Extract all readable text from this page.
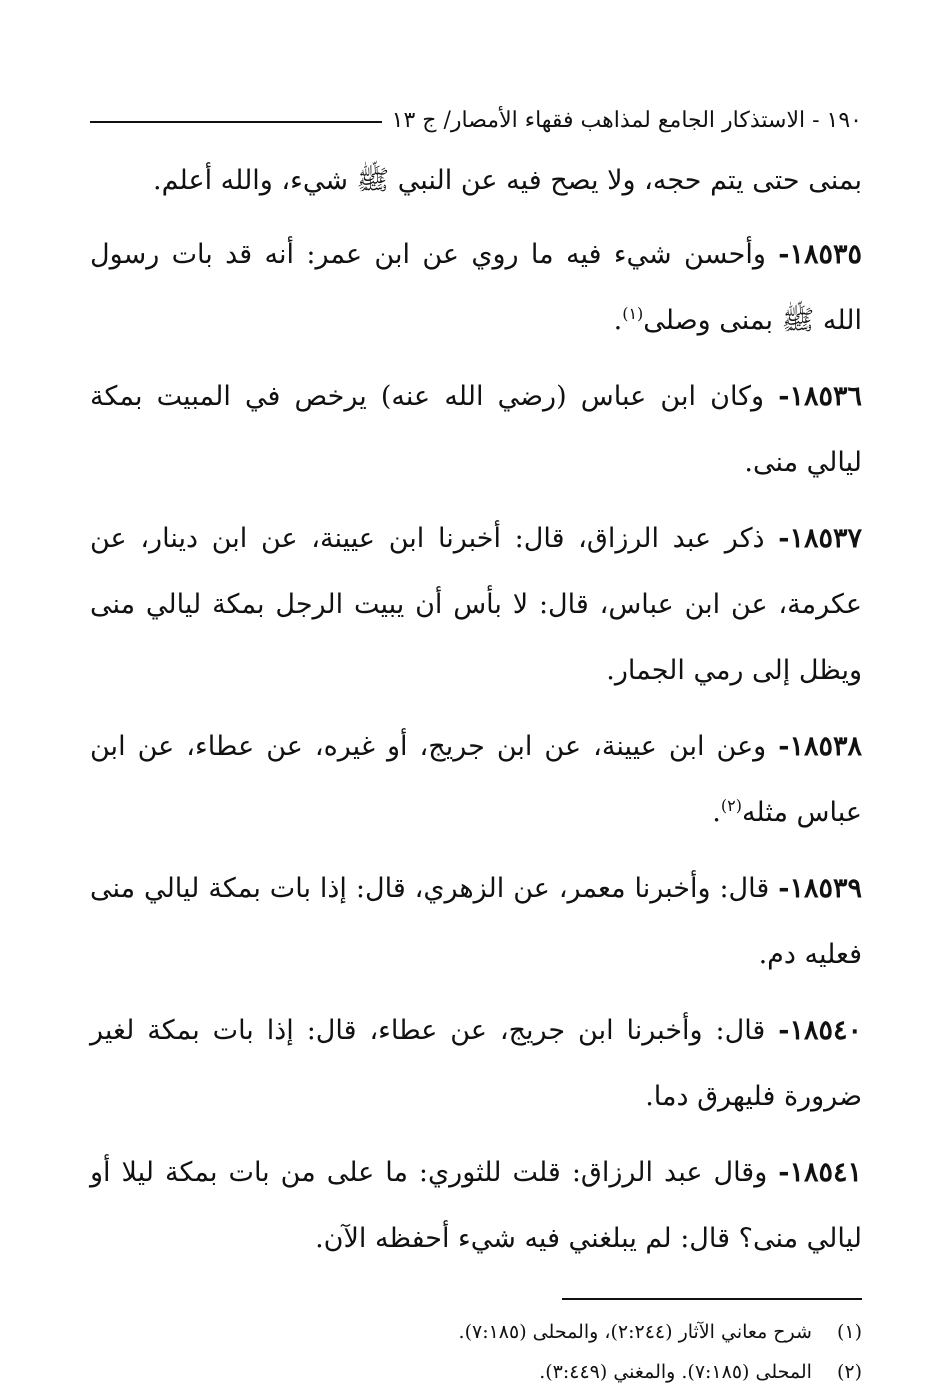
١٩٠ - الاستذكار الجامع لمذاهب فقهاء الأمصار/ ج ١٣

بمنى حتى يتم حجه، ولا يصح فيه عن النبي ﷺ شيء، والله أعلم.

١٨٥٣٥- وأحسن شيء فيه ما روي عن ابن عمر: أنه قد بات رسول الله ﷺ بمنى وصلى$^{(١)}$.

١٨٥٣٦- وكان ابن عباس (رضي الله عنه) يرخص في المبيت بمكة ليالي منى.

١٨٥٣٧- ذكر عبد الرزاق، قال: أخبرنا ابن عيينة، عن ابن دينار، عن عكرمة، عن ابن عباس، قال: لا بأس أن يبيت الرجل بمكة ليالي منى ويظل إلى رمي الجمار.

١٨٥٣٨- وعن ابن عيينة، عن ابن جريج، أو غيره، عن عطاء، عن ابن عباس مثله$^{(٢)}$.

١٨٥٣٩- قال: وأخبرنا معمر، عن الزهري، قال: إذا بات بمكة ليالي منى فعليه دم.

١٨٥٤٠- قال: وأخبرنا ابن جريج، عن عطاء، قال: إذا بات بمكة لغير ضرورة فليهرق دما.

١٨٥٤١- وقال عبد الرزاق: قلت للثوري: ما على من بات بمكة ليلا أو ليالي منى؟ قال: لم يبلغني فيه شيء أحفظه الآن.

(١) شرح معاني الآثار (٢:٢٤٤)، والمحلى (٧:١٨٥).
(٢) المحلى (٧:١٨٥). والمغني (٣:٤٤٩).
